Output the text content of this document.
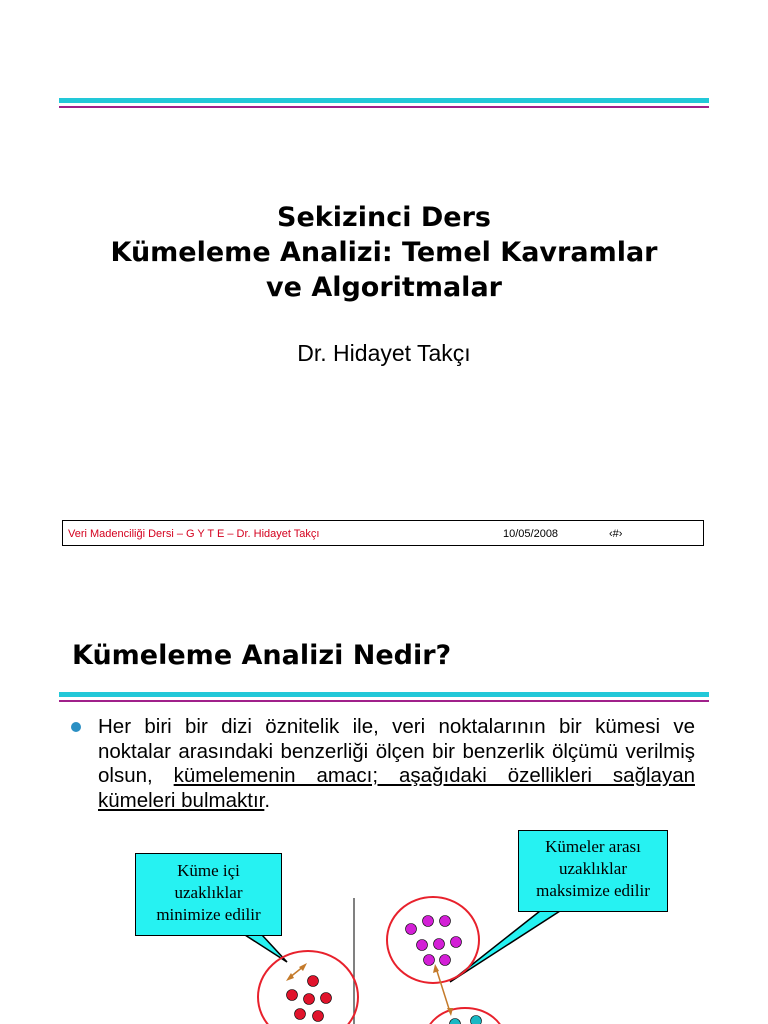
Sekizinci Ders
Kümeleme Analizi: Temel Kavramlar
ve Algoritmalar
Dr. Hidayet Takçı
Veri Madenciliği Dersi – G Y T E – Dr. Hidayet Takçı	10/05/2008	‹#›
Kümeleme Analizi Nedir?
Her biri bir dizi öznitelik ile, veri noktalarının bir kümesi ve noktalar arasındaki benzerliği ölçen bir benzerlik ölçümü verilmiş olsun, kümelemenin amacı; aşağıdaki özellikleri sağlayan kümeleri bulmaktır.
Küme içi
uzaklıklar
minimize edilir
Kümeler arası
uzaklıklar
maksimize edilir
